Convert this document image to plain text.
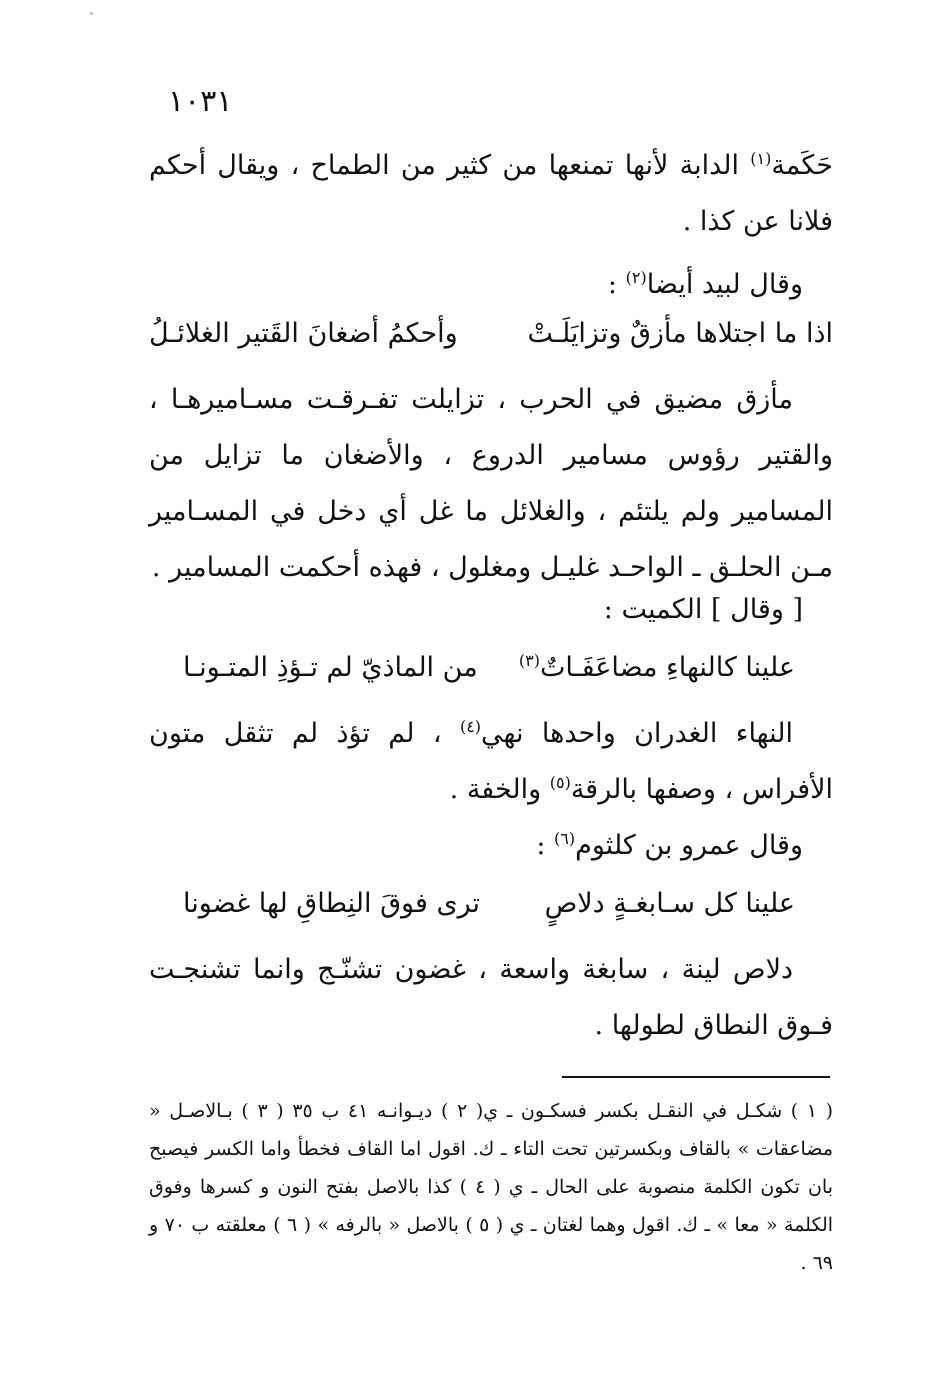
١٠٣١
حَكَمة$^{(١)}$ الدابة لأنها تمنعها من كثير من الطماح ، ويقال أحكم فلانا عن كذا .
وقال لبيد أيضا$^{(٢)}$ :
اذا ما اجتلاها مأزقٌ وتزايَلَـتْ
وأحكمُ أضغانَ القَتير الغلائـلُ
مأزق مضيق في الحرب ، تزايلت تفـرقـت مسـاميرهـا ، والقتير رؤوس مسامير الدروع ، والأضغان ما تزايل من المسامير ولم يلتئم ، والغلائل ما غل أي دخل في المسـامير مـن الحلـق ـ الواحـد غليـل ومغلول ، فهذه أحكمت المسامير .
[ وقال ] الكميت :
علينا كالنهاءِ مضاعَفَـاتٌ$^{(٣)}$
من الماذيّ لم تـؤذِ المتـونـا
النهاء الغدران واحدها نهي$^{(٤)}$ ، لم تؤذ لم تثقل متون الأفراس ، وصفها بالرقة$^{(٥)}$ والخفة .
وقال عمرو بن كلثوم$^{(٦)}$ :
علينا كل سـابغـةٍ دلاصٍ
ترى فوقَ النِطاقِ لها غضونا
دلاص لينة ، سابغة واسعة ، غضون تشنّـج وانما تشنجـت فـوق النطاق لطولها .
( ١ ) شكـل في النقـل بكسر فسكـون ـ ي( ٢ ) ديـوانـه ٤١ ب ٣٥ ( ٣ ) بـالاصـل « مضاعقات » بالقاف وبكسرتين تحت التاء ـ ك. اقول اما القاف فخطأ واما الكسر فيصبح بان تكون الكلمة منصوبة على الحال ـ ي ( ٤ ) كذا بالاصل بفتح النون و كسرها وفوق الكلمة « معا » ـ ك. اقول وهما لغتان ـ ي ( ٥ ) بالاصل « بالرفه » ( ٦ ) معلقته ب ٧٠ و ٦٩ .
